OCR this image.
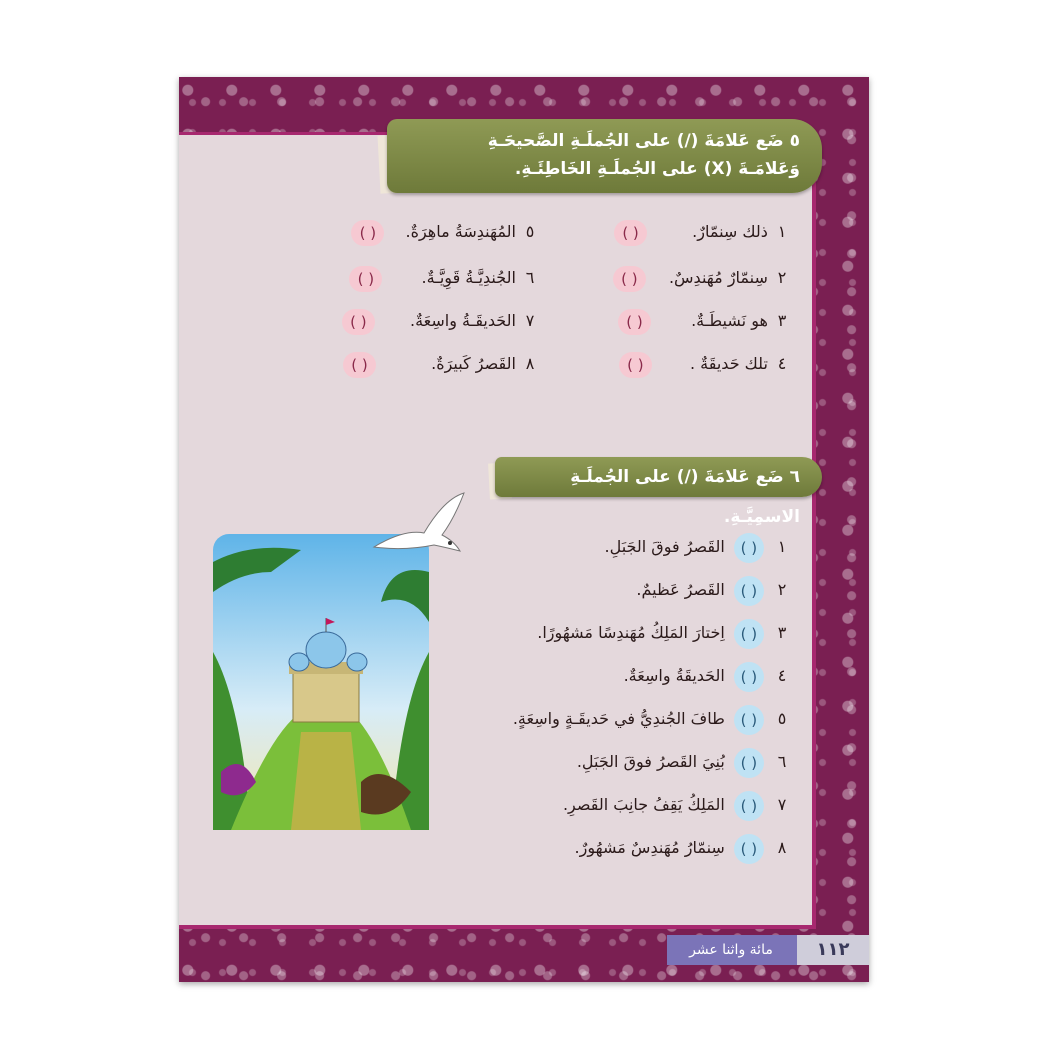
٥ ضَع عَلامَةَ (/) على الجُملَـةِ الصَّحيحَـةِ
وَعَلامَـةَ (X) على الجُملَـةِ الخَاطِئَـةِ.
١ ذلك سِنمّارٌ. ( )
٢ سِنمّارٌ مُهَندِسٌ. ( )
٣ هو نَشيطَـةٌ. ( )
٤ تلك حَديقَةٌ . ( )
٥ المُهَندِسَةُ ماهِرَةٌ. ( )
٦ الجُندِيَّـةُ قَوِيَّـةٌ. ( )
٧ الحَديقَـةُ واسِعَةٌ. ( )
٨ القَصرُ كَبيرَةٌ. ( )
٦ ضَع عَلامَةَ (/) على الجُملَـةِ الاسمِيَّـةِ.
١ ( ) القَصرُ فوقَ الجَبَلِ.
٢ ( ) القَصرُ عَظيمٌ.
٣ ( ) اِختارَ المَلِكُ مُهَندِسًا مَشهُورًا.
٤ ( ) الحَديقَةُ واسِعَةٌ.
٥ ( ) طافَ الجُندِيُّ في حَديقَـةٍ واسِعَةٍ.
٦ ( ) بُنِيَ القَصرُ فوقَ الجَبَلِ.
٧ ( ) المَلِكُ يَقِفُ جانِبَ القَصرِ.
٨ ( ) سِنمّارُ مُهَندِسٌ مَشهُورٌ.
مائة واثنا عشر	١١٢
